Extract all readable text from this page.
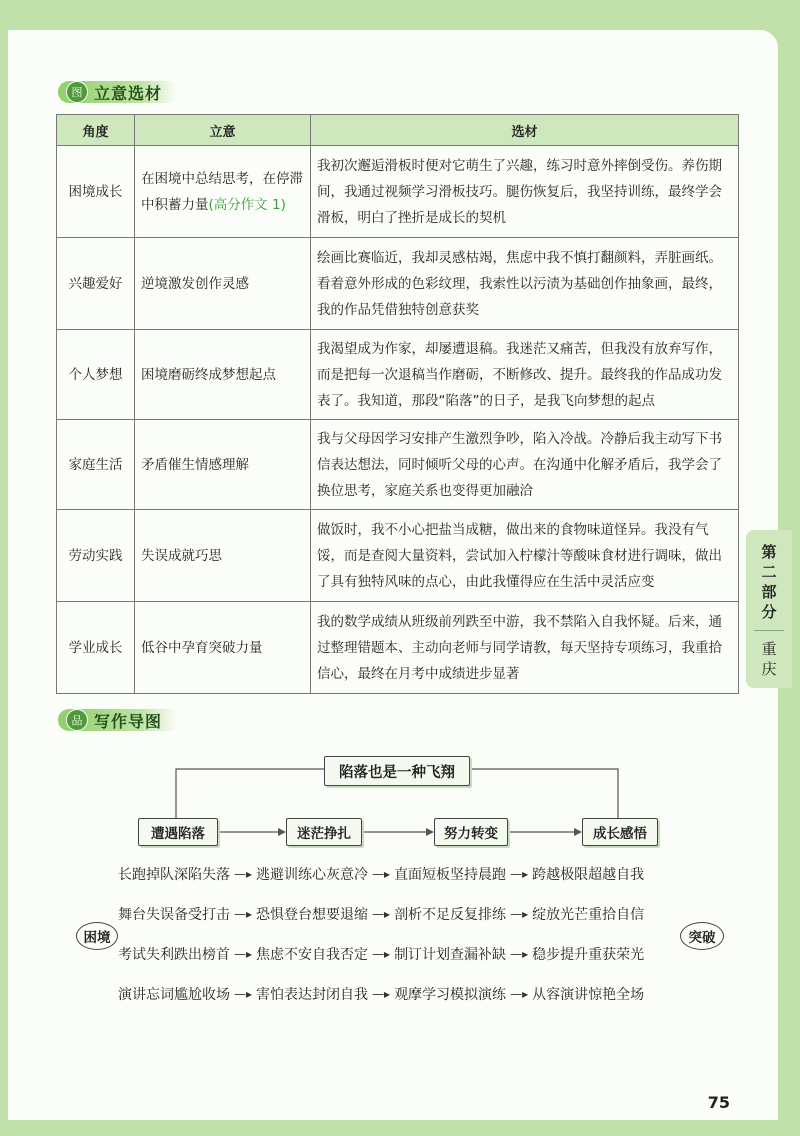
图 立意选材
角度	立意	选材
困境成长	在困境中总结思考，在停滞中积蓄力量(高分作文 1)	我初次邂逅滑板时便对它萌生了兴趣，练习时意外摔倒受伤。养伤期间，我通过视频学习滑板技巧。腿伤恢复后，我坚持训练，最终学会滑板，明白了挫折是成长的契机
兴趣爱好	逆境激发创作灵感	绘画比赛临近，我却灵感枯竭，焦虑中我不慎打翻颜料，弄脏画纸。看着意外形成的色彩纹理，我索性以污渍为基础创作抽象画，最终，我的作品凭借独特创意获奖
个人梦想	困境磨砺终成梦想起点	我渴望成为作家，却屡遭退稿。我迷茫又痛苦，但我没有放弃写作，而是把每一次退稿当作磨砺，不断修改、提升。最终我的作品成功发表了。我知道，那段“陷落”的日子，是我飞向梦想的起点
家庭生活	矛盾催生情感理解	我与父母因学习安排产生激烈争吵，陷入冷战。冷静后我主动写下书信表达想法，同时倾听父母的心声。在沟通中化解矛盾后，我学会了换位思考，家庭关系也变得更加融洽
劳动实践	失误成就巧思	做饭时，我不小心把盐当成糖，做出来的食物味道怪异。我没有气馁，而是查阅大量资料，尝试加入柠檬汁等酸味食材进行调味，做出了具有独特风味的点心，由此我懂得应在生活中灵活应变
学业成长	低谷中孕育突破力量	我的数学成绩从班级前列跌至中游，我不禁陷入自我怀疑。后来，通过整理错题本、主动向老师与同学请教，每天坚持专项练习，我重拾信心，最终在月考中成绩进步显著
第二部分
重庆
品 写作导图
陷落也是一种飞翔
遭遇陷落	迷茫挣扎	努力转变	成长感悟
困境	突破
长跑掉队深陷失落 —▸ 逃避训练心灰意冷 —▸ 直面短板坚持晨跑 —▸ 跨越极限超越自我
舞台失误备受打击 —▸ 恐惧登台想要退缩 —▸ 剖析不足反复排练 —▸ 绽放光芒重拾自信
考试失利跌出榜首 —▸ 焦虑不安自我否定 —▸ 制订计划查漏补缺 —▸ 稳步提升重获荣光
演讲忘词尴尬收场 —▸ 害怕表达封闭自我 —▸ 观摩学习模拟演练 —▸ 从容演讲惊艳全场
75
